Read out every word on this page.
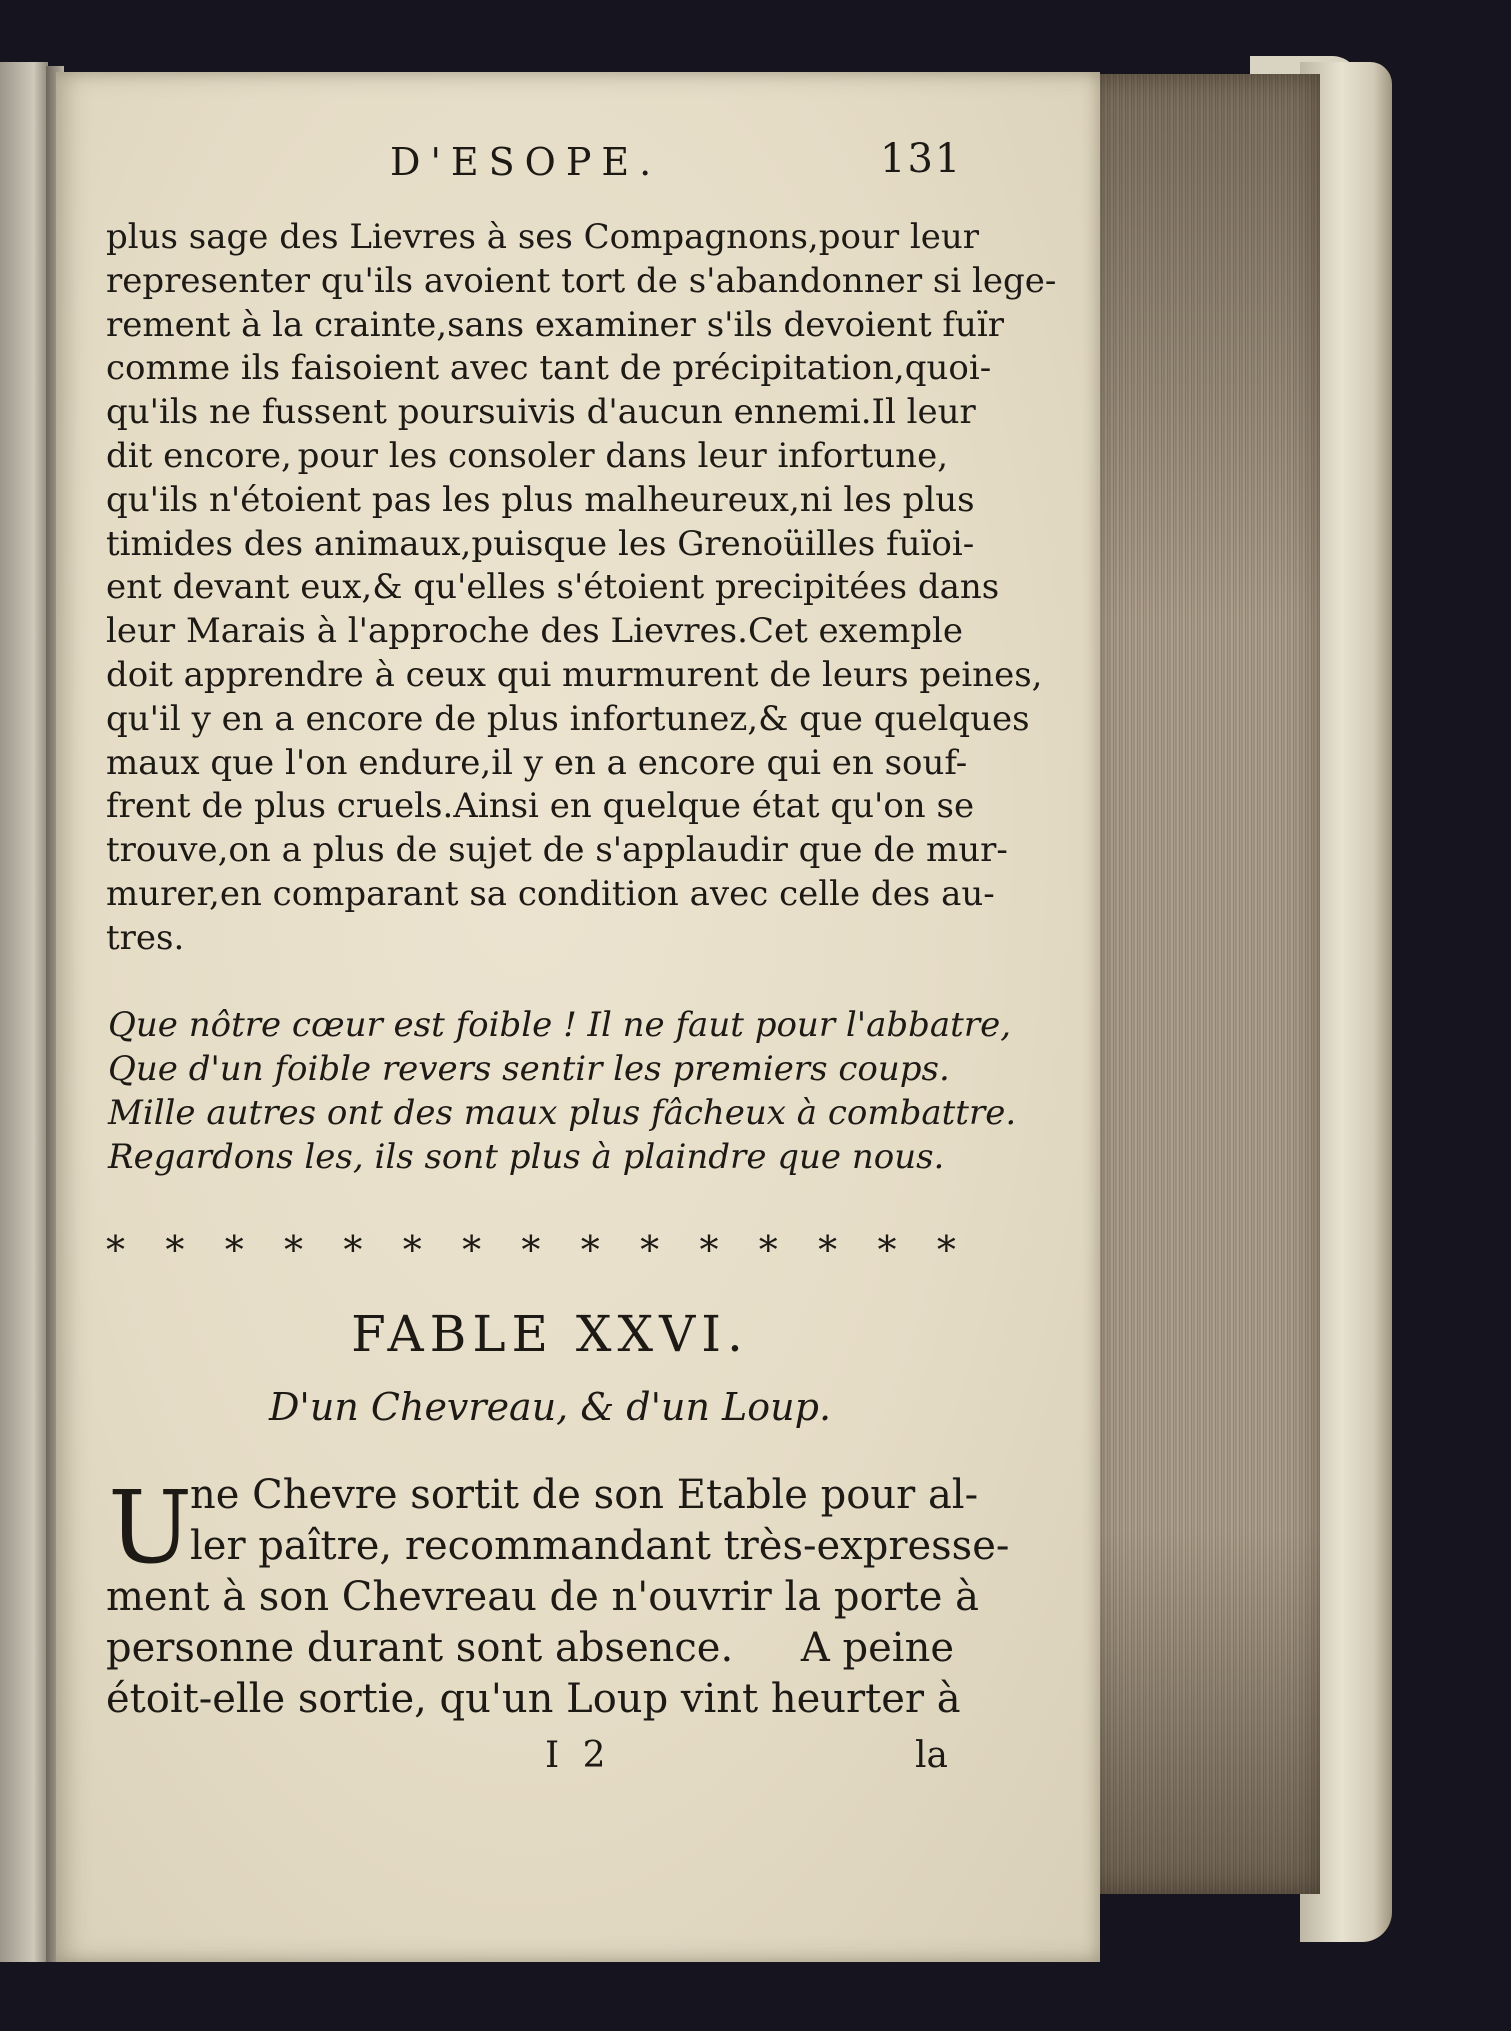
D'ESOPE.	131
plus sage des Lievres à ses Compagnons, pour leur
representer qu'ils avoient tort de s'abandonner si lege-
rement à la crainte, sans examiner s'ils devoient fuïr
comme ils faisoient avec tant de précipitation, quoi-
qu'ils ne fussent poursuivis d'aucun ennemi. Il leur
dit encore, pour les consoler dans leur infortune,
qu'ils n'étoient pas les plus malheureux, ni les plus
timides des animaux, puisque les Grenoüilles fuïoi-
ent devant eux, & qu'elles s'étoient precipitées dans
leur Marais à l'approche des Lievres. Cet exemple
doit apprendre à ceux qui murmurent de leurs peines,
qu'il y en a encore de plus infortunez, & que quelques
maux que l'on endure, il y en a encore qui en souf-
frent de plus cruels. Ainsi en quelque état qu'on se
trouve, on a plus de sujet de s'applaudir que de mur-
murer, en comparant sa condition avec celle des au-
tres.
Que nôtre cœur est foible ! Il ne faut pour l'abbatre,
Que d'un foible revers sentir les premiers coups.
Mille autres ont des maux plus fâcheux à combattre.
Regardons les, ils sont plus à plaindre que nous.
* * * * * * * * * * * * * * *
FABLE XXVI.
D'un Chevreau, & d'un Loup.
U
ne Chevre sortit de son Etable pour al-
ler paître, recommandant très-expresse-
ment à son Chevreau de n'ouvrir la porte à
personne durant sont absence. A peine
étoit-elle sortie, qu'un Loup vint heurter à
I 2	la
